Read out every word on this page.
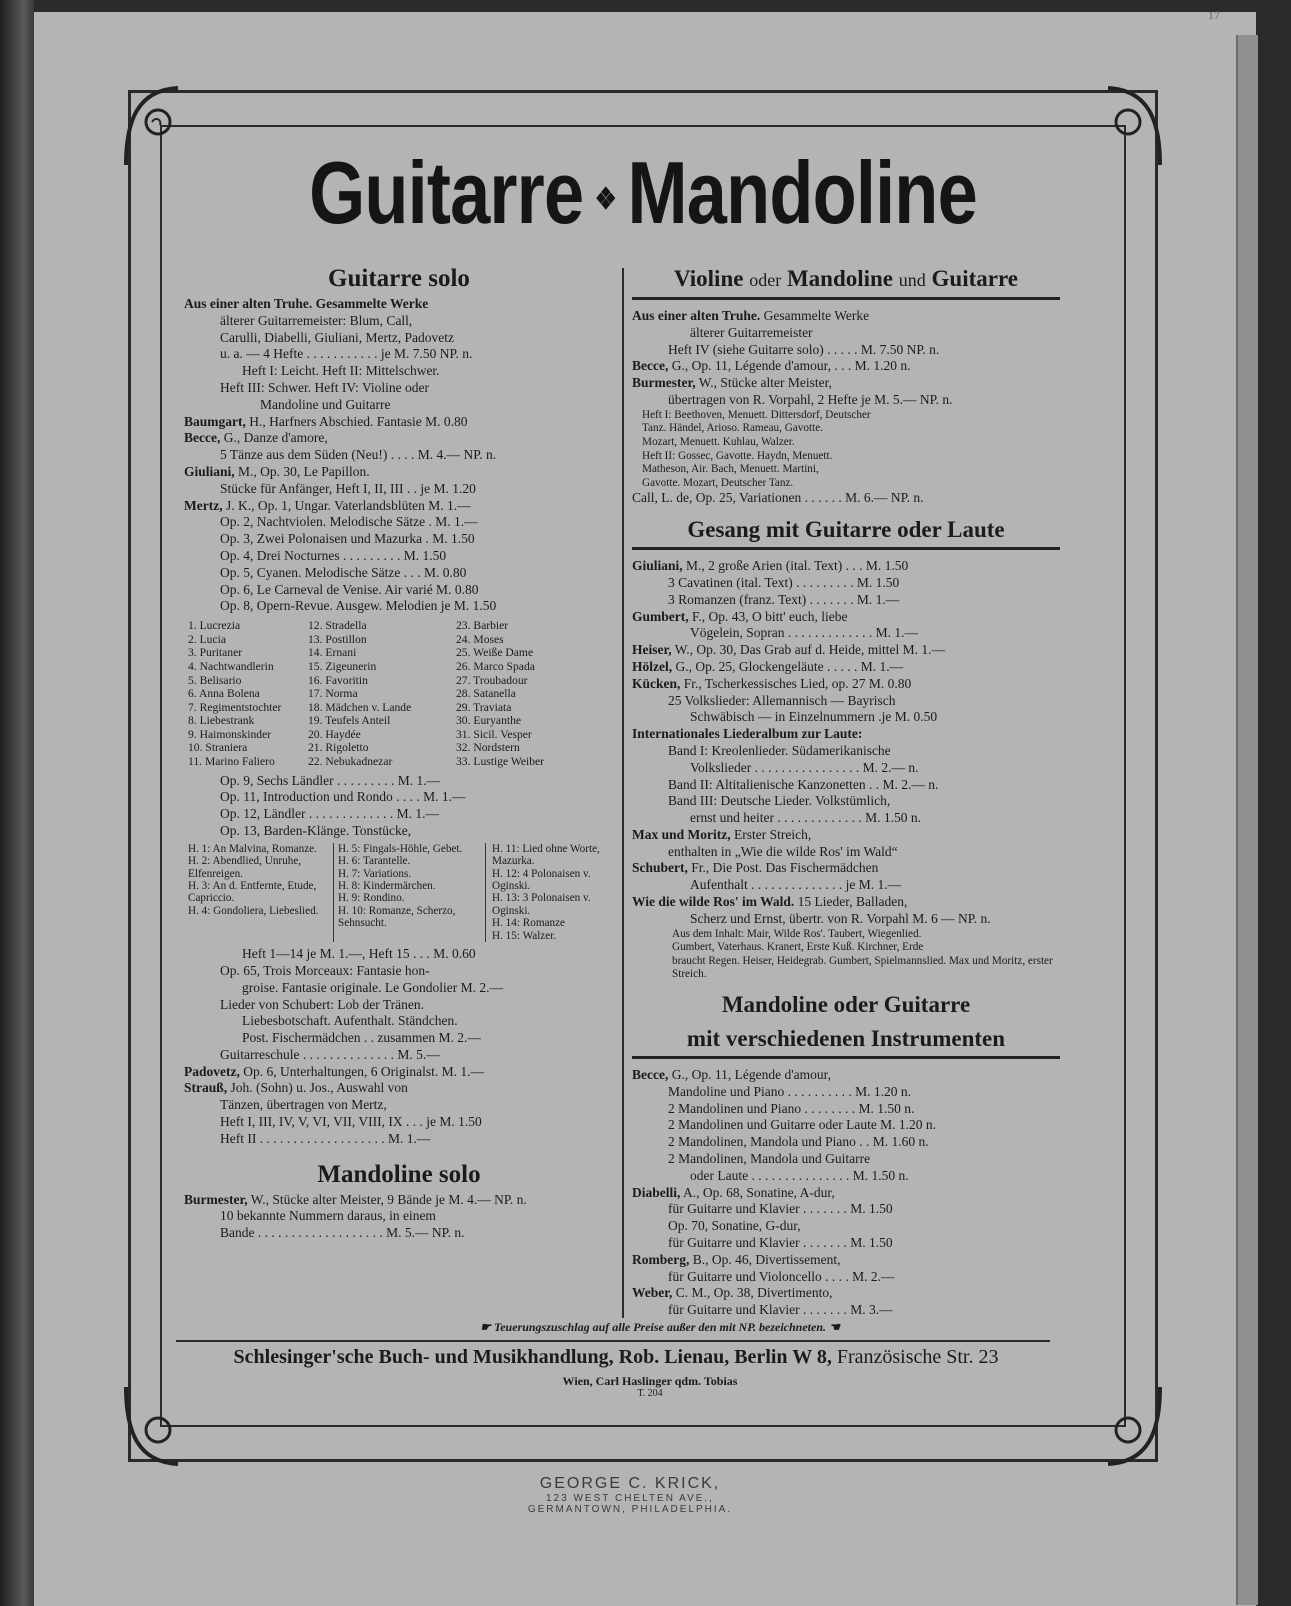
17
Guitarre ❖ Mandoline
Guitarre solo
Aus einer alten Truhe. Gesammelte Werke
älterer Guitarremeister: Blum, Call,
Carulli, Diabelli, Giuliani, Mertz, Padovetz
u. a. — 4 Hefte . . . . . . . . . . . je M. 7.50 NP. n.
Heft I: Leicht. Heft II: Mittelschwer.
Heft III: Schwer. Heft IV: Violine oder
Mandoline und Guitarre
Baumgart, H., Harfners Abschied. Fantasie M. 0.80
Becce, G., Danze d'amore,
5 Tänze aus dem Süden (Neu!) . . . . M. 4.— NP. n.
Giuliani, M., Op. 30, Le Papillon.
Stücke für Anfänger, Heft I, II, III . . je M. 1.20
Mertz, J. K., Op. 1, Ungar. Vaterlandsblüten M. 1.—
Op. 2, Nachtviolen. Melodische Sätze . M. 1.—
Op. 3, Zwei Polonaisen und Mazurka . M. 1.50
Op. 4, Drei Nocturnes . . . . . . . . . M. 1.50
Op. 5, Cyanen. Melodische Sätze . . . M. 0.80
Op. 6, Le Carneval de Venise. Air varié M. 0.80
Op. 8, Opern-Revue. Ausgew. Melodien je M. 1.50
1. Lucrezia	12. Stradella	23. Barbier
2. Lucia	13. Postillon	24. Moses
3. Puritaner	14. Ernani	25. Weiße Dame
4. Nachtwandlerin	15. Zigeunerin	26. Marco Spada
5. Belisario	16. Favoritin	27. Troubadour
6. Anna Bolena	17. Norma	28. Satanella
7. Regimentstochter	18. Mädchen v. Lande	29. Traviata
8. Liebestrank	19. Teufels Anteil	30. Euryanthe
9. Haimonskinder	20. Haydée	31. Sicil. Vesper
10. Straniera	21. Rigoletto	32. Nordstern
11. Marino Faliero	22. Nebukadnezar	33. Lustige Weiber
Op. 9, Sechs Ländler . . . . . . . . . M. 1.—
Op. 11, Introduction und Rondo . . . . M. 1.—
Op. 12, Ländler . . . . . . . . . . . . . M. 1.—
Op. 13, Barden-Klänge. Tonstücke,
H. 1: An Malvina, Romanze.
H. 2: Abendlied, Unruhe, Elfenreigen.
H. 3: An d. Entfernte, Etude, Capriccio.
H. 4: Gondoliera, Liebeslied.
H. 5: Fingals-Höhle, Gebet.
H. 6: Tarantelle.
H. 7: Variations.
H. 8: Kindermärchen.
H. 9: Rondino.
H. 10: Romanze, Scherzo, Sehnsucht.
H. 11: Lied ohne Worte, Mazurka.
H. 12: 4 Polonaisen v. Oginski.
H. 13: 3 Polonaisen v. Oginski.
H. 14: Romanze
H. 15: Walzer.
Heft 1—14 je M. 1.—, Heft 15 . . . M. 0.60
Op. 65, Trois Morceaux: Fantasie hon-
groise. Fantasie originale. Le Gondolier M. 2.—
Lieder von Schubert: Lob der Tränen.
Liebesbotschaft. Aufenthalt. Ständchen.
Post. Fischermädchen . . zusammen M. 2.—
Guitarreschule . . . . . . . . . . . . . . M. 5.—
Padovetz, Op. 6, Unterhaltungen, 6 Originalst. M. 1.—
Strauß, Joh. (Sohn) u. Jos., Auswahl von
Tänzen, übertragen von Mertz,
Heft I, III, IV, V, VI, VII, VIII, IX . . . je M. 1.50
Heft II . . . . . . . . . . . . . . . . . . . M. 1.—
Mandoline solo
Burmester, W., Stücke alter Meister, 9 Bände je M. 4.— NP. n.
10 bekannte Nummern daraus, in einem
Bande . . . . . . . . . . . . . . . . . . . M. 5.— NP. n.
Violine oder Mandoline und Guitarre
Aus einer alten Truhe. Gesammelte Werke
älterer Guitarremeister
Heft IV (siehe Guitarre solo) . . . . . M. 7.50 NP. n.
Becce, G., Op. 11, Légende d'amour, . . . M. 1.20 n.
Burmester, W., Stücke alter Meister,
übertragen von R. Vorpahl, 2 Hefte je M. 5.— NP. n.
Heft I: Beethoven, Menuett. Dittersdorf, Deutscher
Tanz. Händel, Arioso. Rameau, Gavotte.
Mozart, Menuett. Kuhlau, Walzer.
Heft II: Gossec, Gavotte. Haydn, Menuett.
Matheson, Air. Bach, Menuett. Martini,
Gavotte. Mozart, Deutscher Tanz.
Call, L. de, Op. 25, Variationen . . . . . . M. 6.— NP. n.
Gesang mit Guitarre oder Laute
Giuliani, M., 2 große Arien (ital. Text) . . . M. 1.50
3 Cavatinen (ital. Text) . . . . . . . . . M. 1.50
3 Romanzen (franz. Text) . . . . . . . M. 1.—
Gumbert, F., Op. 43, O bitt' euch, liebe
Vögelein, Sopran . . . . . . . . . . . . . M. 1.—
Heiser, W., Op. 30, Das Grab auf d. Heide, mittel M. 1.—
Hölzel, G., Op. 25, Glockengeläute . . . . . M. 1.—
Kücken, Fr., Tscherkessisches Lied, op. 27 M. 0.80
25 Volkslieder: Allemannisch — Bayrisch
Schwäbisch — in Einzelnummern .je M. 0.50
Internationales Liederalbum zur Laute:
Band I: Kreolenlieder. Südamerikanische
Volkslieder . . . . . . . . . . . . . . . . M. 2.— n.
Band II: Altitalienische Kanzonetten . . M. 2.— n.
Band III: Deutsche Lieder. Volkstümlich,
ernst und heiter . . . . . . . . . . . . . M. 1.50 n.
Max und Moritz, Erster Streich,
enthalten in „Wie die wilde Ros' im Wald“
Schubert, Fr., Die Post. Das Fischermädchen
Aufenthalt . . . . . . . . . . . . . . je M. 1.—
Wie die wilde Ros' im Wald. 15 Lieder, Balladen,
Scherz und Ernst, übertr. von R. Vorpahl M. 6 — NP. n.
Aus dem Inhalt: Mair, Wilde Ros'. Taubert, Wiegenlied.
Gumbert, Vaterhaus. Kranert, Erste Kuß. Kirchner, Erde
braucht Regen. Heiser, Heidegrab. Gumbert, Spielmannslied. Max und Moritz, erster Streich.
Mandoline oder Guitarre
mit verschiedenen Instrumenten
Becce, G., Op. 11, Légende d'amour,
Mandoline und Piano . . . . . . . . . . M. 1.20 n.
2 Mandolinen und Piano . . . . . . . . M. 1.50 n.
2 Mandolinen und Guitarre oder Laute M. 1.20 n.
2 Mandolinen, Mandola und Piano . . M. 1.60 n.
2 Mandolinen, Mandola und Guitarre
oder Laute . . . . . . . . . . . . . . . M. 1.50 n.
Diabelli, A., Op. 68, Sonatine, A-dur,
für Guitarre und Klavier . . . . . . . M. 1.50
Op. 70, Sonatine, G-dur,
für Guitarre und Klavier . . . . . . . M. 1.50
Romberg, B., Op. 46, Divertissement,
für Guitarre und Violoncello . . . . M. 2.—
Weber, C. M., Op. 38, Divertimento,
für Guitarre und Klavier . . . . . . . M. 3.—
☛ Teuerungszuschlag auf alle Preise außer den mit NP. bezeichneten. ☚
Schlesinger'sche Buch- und Musikhandlung, Rob. Lienau, Berlin W 8, Französische Str. 23
Wien, Carl Haslinger qdm. Tobias
T. 204
GEORGE C. KRICK,
123 WEST CHELTEN AVE.,
GERMANTOWN, PHILADELPHIA.
